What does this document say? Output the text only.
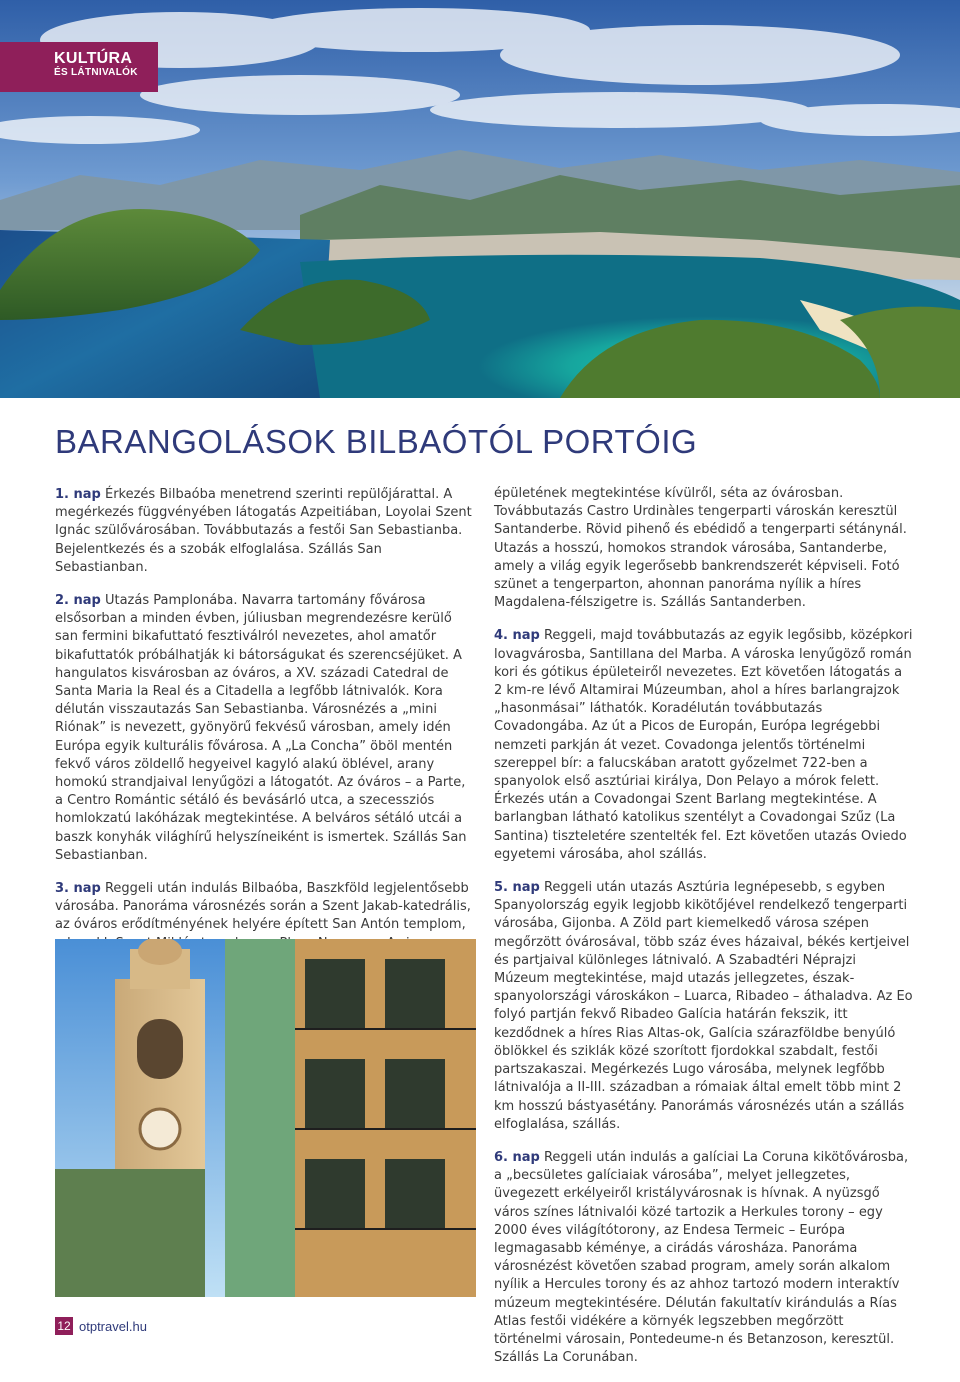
KULTÚRA
ÉS LÁTNIVALÓK
BARANGOLÁSOK BILBAÓTÓL PORTÓIG

1. nap Érkezés Bilbaóba menetrend szerinti repülőjárattal. A megérkezés függvényében látogatás Azpeitiában, Loyolai Szent Ignác szülővárosában. Továbbutazás a festői San Sebastianba. Bejelentkezés és a szobák elfoglalása. Szállás San Sebastianban.

2. nap Utazás Pamplonába. Navarra tartomány fővárosa elsősorban a minden évben, júliusban megrendezésre kerülő san fermini bikafuttató fesztiválról nevezetes, ahol amatőr bikafuttatók próbálhatják ki bátorságukat és szerencséjüket. A hangulatos kisvárosban az óváros, a XV. századi Catedral de Santa Maria la Real és a Citadella a legfőbb látnivalók. Kora délután visszautazás San Sebastianba. Városnézés a „mini Riónak” is nevezett, gyönyörű fekvésű városban, amely idén Európa egyik kulturális fővárosa. A „La Concha” öböl mentén fekvő város zöldellő hegyeivel kagyló alakú öblével, arany homokú strandjaival lenyűgözi a látogatót. Az óváros – a Parte, a Centro Romántic sétáló és bevásárló utca, a szecessziós homlokzatú lakóházak megtekintése. A belváros sétáló utcái a baszk konyhák világhírű helyszíneiként is ismertek. Szállás San Sebastianban.

3. nap Reggeli után indulás Bilbaóba, Baszkföld legjelentősebb városába. Panoráma városnézés során a Szent Jakab-katedrális, az óváros erődítményének helyére épített San Antón templom,

épületének megtekintése kívülről, séta az óvárosban. Továbbutazás Castro Urdinàles tengerparti városkán keresztül Santanderbe. Rövid pihenő és ebédidő a tengerparti sétánynál. Utazás a hosszú, homokos strandok városába, Santanderbe, amely a világ egyik legerősebb bankrendszerét képviseli. Fotó szünet a tengerparton, ahonnan panoráma nyílik a híres Magdalena-félszigetre is. Szállás Santanderben.

4. nap Reggeli, majd továbbutazás az egyik legősibb, középkori lovagvárosba, Santillana del Marba. A városka lenyűgöző román kori és gótikus épületeiről nevezetes. Ezt követően látogatás a 2 km-re lévő Altamirai Múzeumban, ahol a híres barlangrajzok „hasonmásai” láthatók. Koradélután továbbutazás Covadongába. Az út a Picos de Europán, Európa legrégebbi nemzeti parkján át vezet. Covadonga jelentős történelmi szereppel bír: a falucskában aratott győzelmet 722-ben a spanyolok első asztúriai királya, Don Pelayo a mórok felett. Érkezés után a Covadongai Szent Barlang megtekintése. A barlangban látható katolikus szentélyt a Covadongai Szűz (La Santina) tiszteletére szentelték fel. Ezt követően utazás Oviedo egyetemi városába, ahol szállás.

5. nap Reggeli után utazás Asztúria legnépesebb, s egyben Spanyolország egyik legjobb kikötőjével rendelkező tengerparti városába, Gijonba. A Zöld part kiemelkedő városa szépen megőrzött óvárosával, több száz éves házaival, békés kertjeivel és partjaival különleges látnivaló. A Szabadtéri Néprajzi Múzeum megtekintése, majd utazás jellegzetes, észak-spanyolországi városkákon – Luarca, Ribadeo – áthaladva. Az Eo folyó partján fekvő Ribadeo Galícia határán fekszik, itt kezdődnek a híres Rias Altas-ok, Galícia szárazföldbe benyúló öblökkel és sziklák közé szorított fjordokkal szabdalt, festői partszakaszai. Megérkezés Lugo városába, melynek legfőbb látnivalója a II-III. században a rómaiak által emelt több mint 2 km hosszú bástyasétány. Panorámás városnézés után a szállás elfoglalása, szállás.

6. nap Reggeli után indulás a galíciai La Coruna kikötővárosba, a „becsületes galíciaiak városába”, melyet jellegzetes, üvegezett erkélyeiről kristályvárosnak is hívnak. A nyüzsgő város színes látnivalói közé tartozik a Herkules torony – egy 2000 éves világítótorony, az Endesa Termeic – Európa legmagasabb kéménye, a cirádás városháza. Panoráma városnézést követően szabad program, amely során alkalom nyílik a Hercules torony és az ahhoz tartozó modern interaktív múzeum megtekintésére. Délután fakultatív kirándulás a Rías Atlas festői vidékére a környék legszebben megőrzött történelmi városain, Pontedeume-n és Betanzoson, keresztül. Szállás La Corunában.

12 otptravel.hu
